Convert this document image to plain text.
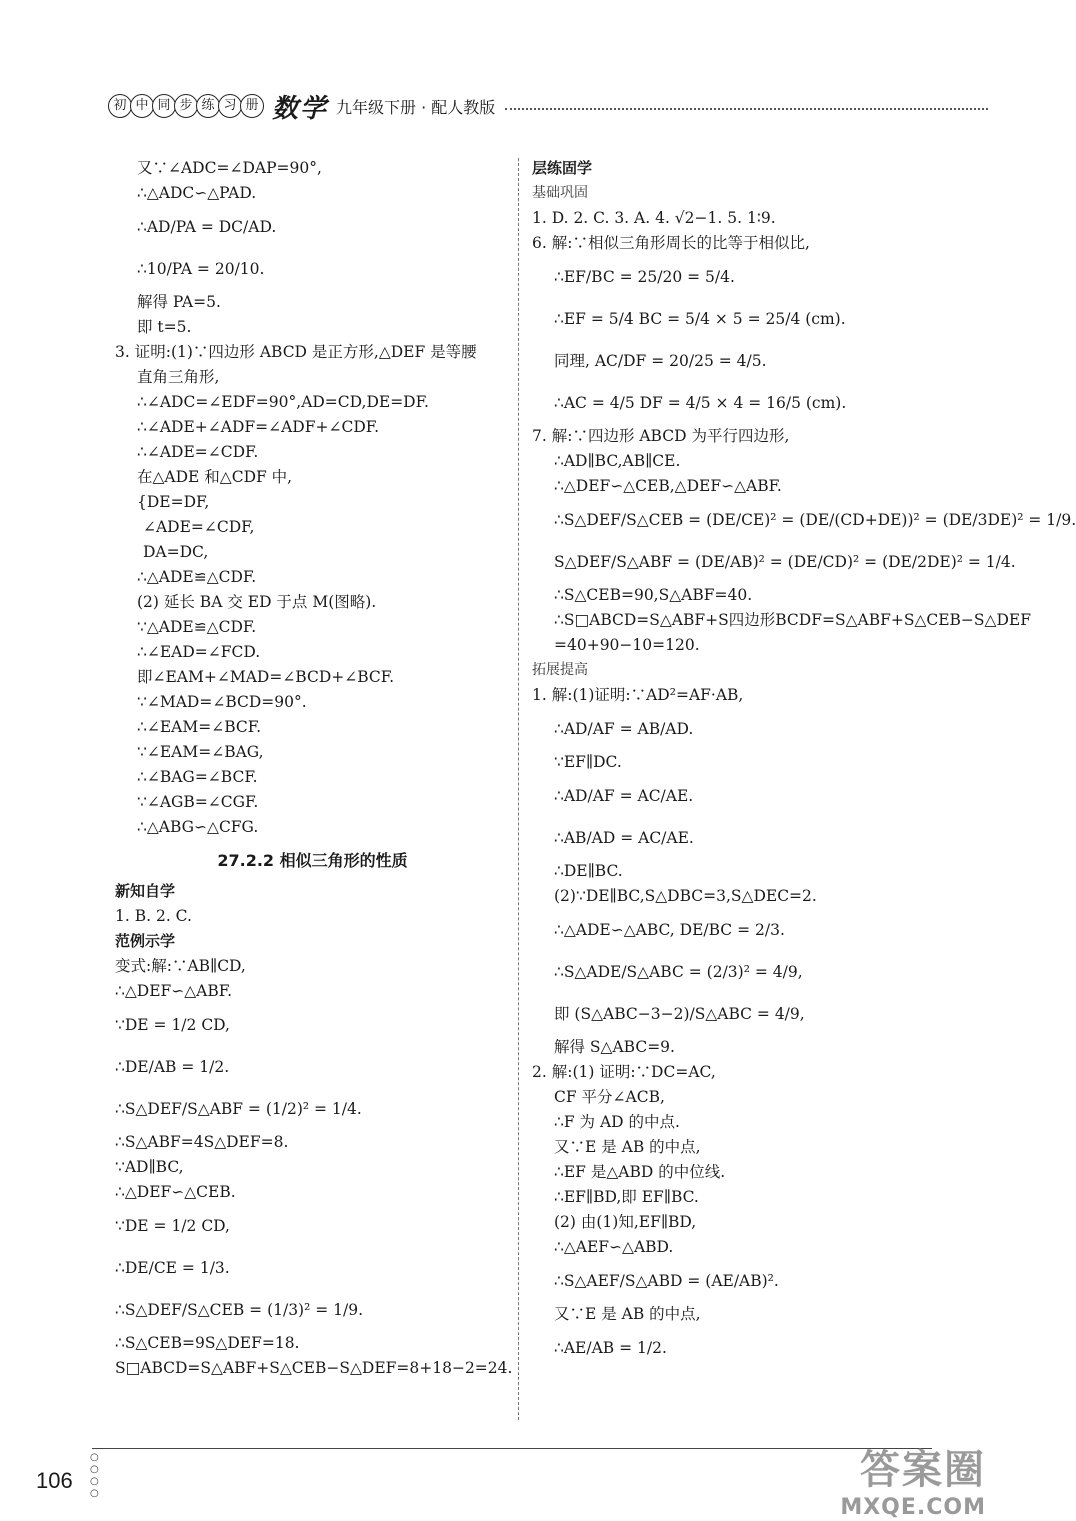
初 中 同 步 练 习 册 数学 九年级下册 · 配人教版
又∵∠ADC=∠DAP=90°,
∴△ADC∽△PAD.
∴AD/PA = DC/AD.
∴10/PA = 20/10.
解得 PA=5.
即 t=5.
3. 证明:(1)∵四边形 ABCD 是正方形,△DEF 是等腰
直角三角形,
∴∠ADC=∠EDF=90°,AD=CD,DE=DF.
∴∠ADE+∠ADF=∠ADF+∠CDF.
∴∠ADE=∠CDF.
在△ADE 和△CDF 中,
{DE=DF,
∠ADE=∠CDF,
DA=DC,
∴△ADE≌△CDF.
(2) 延长 BA 交 ED 于点 M(图略).
∵△ADE≌△CDF.
∴∠EAD=∠FCD.
即∠EAM+∠MAD=∠BCD+∠BCF.
∵∠MAD=∠BCD=90°.
∴∠EAM=∠BCF.
∵∠EAM=∠BAG,
∴∠BAG=∠BCF.
∵∠AGB=∠CGF.
∴△ABG∽△CFG.
27.2.2 相似三角形的性质
新知自学
1. B. 2. C.
范例示学
变式:解:∵AB∥CD,
∴△DEF∽△ABF.
∵DE = 1/2 CD,
∴DE/AB = 1/2.
∴S△DEF/S△ABF = (1/2)² = 1/4.
∴S△ABF=4S△DEF=8.
∵AD∥BC,
∴△DEF∽△CEB.
∵DE = 1/2 CD,
∴DE/CE = 1/3.
∴S△DEF/S△CEB = (1/3)² = 1/9.
∴S△CEB=9S△DEF=18.
S□ABCD=S△ABF+S△CEB−S△DEF=8+18−2=24.
层练固学
基础巩固
1. D. 2. C. 3. A. 4. √2−1. 5. 1∶9.
6. 解:∵相似三角形周长的比等于相似比,
∴EF/BC = 25/20 = 5/4.
∴EF = 5/4 BC = 5/4 × 5 = 25/4 (cm).
同理, AC/DF = 20/25 = 4/5.
∴AC = 4/5 DF = 4/5 × 4 = 16/5 (cm).
7. 解:∵四边形 ABCD 为平行四边形,
∴AD∥BC,AB∥CE.
∴△DEF∽△CEB,△DEF∽△ABF.
∴S△DEF/S△CEB = (DE/CE)² = (DE/(CD+DE))² = (DE/3DE)² = 1/9.
S△DEF/S△ABF = (DE/AB)² = (DE/CD)² = (DE/2DE)² = 1/4.
∴S△CEB=90,S△ABF=40.
∴S□ABCD=S△ABF+S四边形BCDF=S△ABF+S△CEB−S△DEF
=40+90−10=120.
拓展提高
1. 解:(1)证明:∵AD²=AF·AB,
∴AD/AF = AB/AD.
∵EF∥DC.
∴AD/AF = AC/AE.
∴AB/AD = AC/AE.
∴DE∥BC.
(2)∵DE∥BC,S△DBC=3,S△DEC=2.
∴△ADE∽△ABC, DE/BC = 2/3.
∴S△ADE/S△ABC = (2/3)² = 4/9,
即 (S△ABC−3−2)/S△ABC = 4/9,
解得 S△ABC=9.
2. 解:(1) 证明:∵DC=AC,
CF 平分∠ACB,
∴F 为 AD 的中点.
又∵E 是 AB 的中点,
∴EF 是△ABD 的中位线.
∴EF∥BD,即 EF∥BC.
(2) 由(1)知,EF∥BD,
∴△AEF∽△ABD.
∴S△AEF/S△ABD = (AE/AB)².
又∵E 是 AB 的中点,
∴AE/AB = 1/2.
○
○
○
○
106	答案圈
MXQE.COM
